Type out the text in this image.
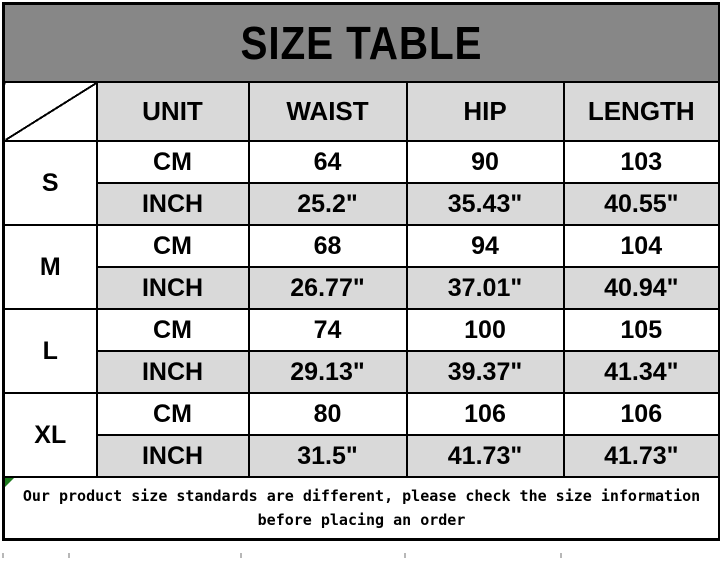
SIZE TABLE				
	UNIT	WAIST	HIP	LENGTH
S	CM	64	90	103
	INCH	25.2"	35.43"	40.55"
M	CM	68	94	104
	INCH	26.77"	37.01"	40.94"
L	CM	74	100	105
	INCH	29.13"	39.37"	41.34"
XL	CM	80	106	106
	INCH	31.5"	41.73"	41.73"

Our product size standards are different, please check the size information before placing an order				
